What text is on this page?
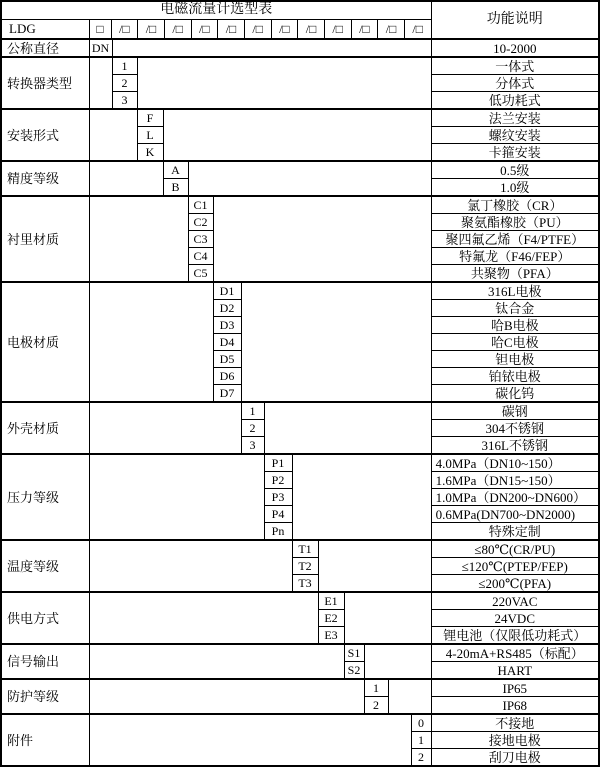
电磁流量计选型表															功能说明
LDG	□	/□	/□	/□	/□	/□	/□	/□	/□	/□	/□	/□	/□

公称直径	DN														10-2000
转换器类型		1													一体式
		2													分体式
		3													低功耗式
安装形式			F												法兰安装
			L												螺纹安装
			K												卡箍安装
精度等级				A											0.5级
				B											1.0级
衬里材质					C1										氯丁橡胶（CR）
					C2										聚氨酯橡胶（PU）
					C3										聚四氟乙烯（F4/PTFE）
					C4										特氟龙（F46/FEP）
					C5										共聚物（PFA）
电极材质						D1									316L电极
						D2									钛合金
						D3									哈B电极
						D4									哈C电极
						D5									钽电极
						D6									铂铱电极
						D7									碳化钨
外壳材质							1								碳钢
							2								304不锈钢
							3								316L不锈钢
压力等级								P1							4.0MPa（DN10~150）
								P2							1.6MPa（DN15~150）
								P3							1.0MPa（DN200~DN600）
								P4							0.6MPa(DN700~DN2000)
								Pn							特殊定制
温度等级									T1						≤80℃(CR/PU)
									T2						≤120℃(PTEP/FEP)
									T3						≤200℃(PFA)
供电方式										E1					220VAC
										E2					24VDC
										E3					锂电池（仅限低功耗式）
信号输出											S1				4-20mA+RS485（标配）
											S2				HART
防护等级												1			IP65
												2			IP68
附件														0	不接地
														1	接地电极
														2	刮刀电极
